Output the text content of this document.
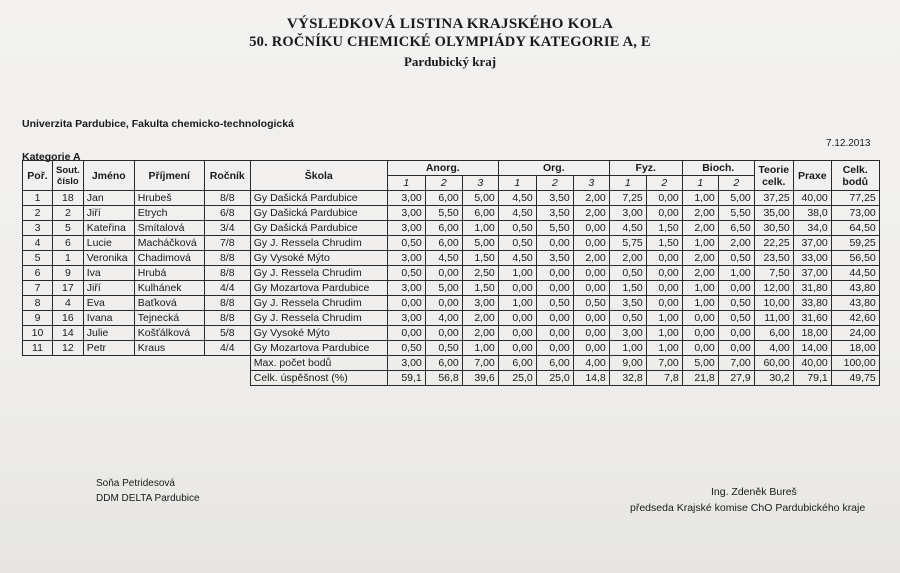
VÝSLEDKOVÁ LISTINA KRAJSKÉHO KOLA
50. ROČNÍKU CHEMICKÉ OLYMPIÁDY KATEGORIE A, E
Pardubický kraj
Univerzita Pardubice, Fakulta chemicko-technologická
7.12.2013
Kategorie A
Poř.	Sout. číslo	Jméno	Příjmení	Ročník	Škola	Anorg.			Org.			Fyz.		Bioch.		Teorie celk.	Praxe	Celk. bodů
						1	2	3	1	2	3	1	2	1	2			
1	18	Jan	Hrubeš	8/8	Gy Dašická Pardubice	3,00	6,00	5,00	4,50	3,50	2,00	7,25	0,00	1,00	5,00	37,25	40,00	77,25
2	2	Jiří	Etrych	6/8	Gy Dašická Pardubice	3,00	5,50	6,00	4,50	3,50	2,00	3,00	0,00	2,00	5,50	35,00	38,0	73,00
3	5	Kateřina	Smítalová	3/4	Gy Dašická Pardubice	3,00	6,00	1,00	0,50	5,50	0,00	4,50	1,50	2,00	6,50	30,50	34,0	64,50
4	6	Lucie	Macháčková	7/8	Gy J. Ressela Chrudim	0,50	6,00	5,00	0,50	0,00	0,00	5,75	1,50	1,00	2,00	22,25	37,00	59,25
5	1	Veronika	Chadimová	8/8	Gy Vysoké Mýto	3,00	4,50	1,50	4,50	3,50	2,00	2,00	0,00	2,00	0,50	23,50	33,00	56,50
6	9	Iva	Hrubá	8/8	Gy J. Ressela Chrudim	0,50	0,00	2,50	1,00	0,00	0,00	0,50	0,00	2,00	1,00	7,50	37,00	44,50
7	17	Jiří	Kulhánek	4/4	Gy Mozartova Pardubice	3,00	5,00	1,50	0,00	0,00	0,00	1,50	0,00	1,00	0,00	12,00	31,80	43,80
8	4	Eva	Baťková	8/8	Gy J. Ressela Chrudim	0,00	0,00	3,00	1,00	0,50	0,50	3,50	0,00	1,00	0,50	10,00	33,80	43,80
9	16	Ivana	Tejnecká	8/8	Gy J. Ressela Chrudim	3,00	4,00	2,00	0,00	0,00	0,00	0,50	1,00	0,00	0,50	11,00	31,60	42,60
10	14	Julie	Košťálková	5/8	Gy Vysoké Mýto	0,00	0,00	2,00	0,00	0,00	0,00	3,00	1,00	0,00	0,00	6,00	18,00	24,00
11	12	Petr	Kraus	4/4	Gy Mozartova Pardubice	0,50	0,50	1,00	0,00	0,00	0,00	1,00	1,00	0,00	0,00	4,00	14,00	18,00
					Max. počet bodů	3,00	6,00	7,00	6,00	6,00	4,00	9,00	7,00	5,00	7,00	60,00	40,00	100,00
					Celk. úspěšnost (%)	59,1	56,8	39,6	25,0	25,0	14,8	32,8	7,8	21,8	27,9	30,2	79,1	49,75
Soňa Petridesová
DDM DELTA Pardubice
Ing. Zdeněk Bureš
předseda Krajské komise ChO Pardubického kraje
